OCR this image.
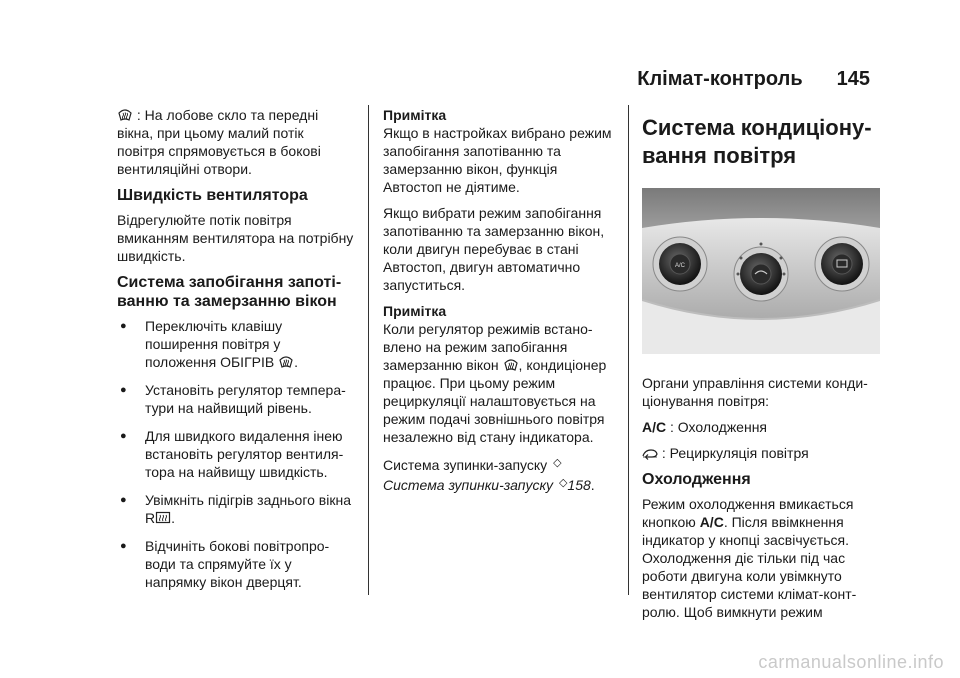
Клімат-контроль 145

: На лобове скло та передні вікна, при цьому малий потік повітря спрямовується в бокові вентиляційні отвори.

Швидкість вентилятора

Відрегулюйте потік повітря вмиканням вентилятора на потрібну швидкість.

Система запобігання запотіванню та замерзанню вікон
● Переключіть клавішу поширення повітря у положення ОБІГРІВ .
● Установіть регулятор температури на найвищий рівень.
● Для швидкого видалення інею встановіть регулятор вентилятора на найвищу швидкість.
● Увімкніть підігрів заднього вікна R .
● Відчиніть бокові повітропроводи та спрямуйте їх у напрямку вікон дверцят.

Примітка

Якщо в настройках вибрано режим запобігання запотіванню та замерзанню вікон, функція Автостоп не діятиме.

Якщо вибрати режим запобігання запотіванню та замерзанню вікон, коли двигун перебуває в стані Автостоп, двигун автоматично запуститься.

Примітка

Коли регулятор режимів встановлено на режим запобігання замерзанню вікон , кондиціонер працює. При цьому режим рециркуляції налаштовується на режим подачі зовнішнього повітря незалежно від стану індикатора.

Система зупинки-запуску ◇
Система зупинки-запуску ◇158.

Система кондиціонування повітря
A/C

Органи управління системи кондиціонування повітря:

A/C : Охолодження

: Рециркуляція повітря

Охолодження

Режим охолодження вмикається кнопкою A/C. Після ввімкнення індикатор у кнопці засвічується. Охолодження діє тільки під час роботи двигуна коли увімкнуто вентилятор системи клімат-контролю. Щоб вимкнути режим

carmanualsonline.info
